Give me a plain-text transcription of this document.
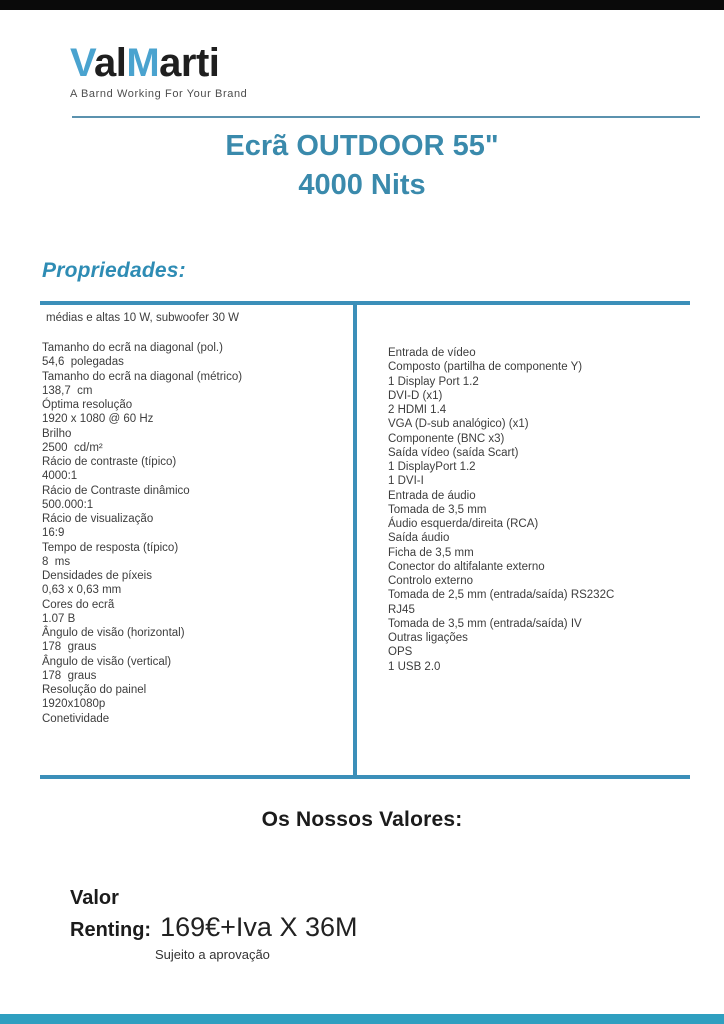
ValMarti
A Barnd Working For Your Brand
Ecrã OUTDOOR 55"
4000 Nits
Propriedades:
médias e altas 10 W, subwoofer 30 W
Tamanho do ecrã na diagonal (pol.)
54,6  polegadas
Tamanho do ecrã na diagonal (métrico)
138,7  cm
Óptima resolução
1920 x 1080 @ 60 Hz
Brilho
2500  cd/m²
Rácio de contraste (típico)
4000:1
Rácio de Contraste dinâmico
500.000:1
Rácio de visualização
16:9
Tempo de resposta (típico)
8  ms
Densidades de píxeis
0,63 x 0,63 mm
Cores do ecrã
1.07 B
Ângulo de visão (horizontal)
178  graus
Ângulo de visão (vertical)
178  graus
Resolução do painel
1920x1080p
Conetividade
Entrada de vídeo
Composto (partilha de componente Y)
1 Display Port 1.2
DVI-D (x1)
2 HDMI 1.4
VGA (D-sub analógico) (x1)
Componente (BNC x3)
Saída vídeo (saída Scart)
1 DisplayPort 1.2
1 DVI-I
Entrada de áudio
Tomada de 3,5 mm
Áudio esquerda/direita (RCA)
Saída áudio
Ficha de 3,5 mm
Conector do altifalante externo
Controlo externo
Tomada de 2,5 mm (entrada/saída) RS232C
RJ45
Tomada de 3,5 mm (entrada/saída) IV
Outras ligações
OPS
1 USB 2.0
Os Nossos Valores:
Valor
Renting: 169€+Iva X 36M
Sujeito a aprovação
